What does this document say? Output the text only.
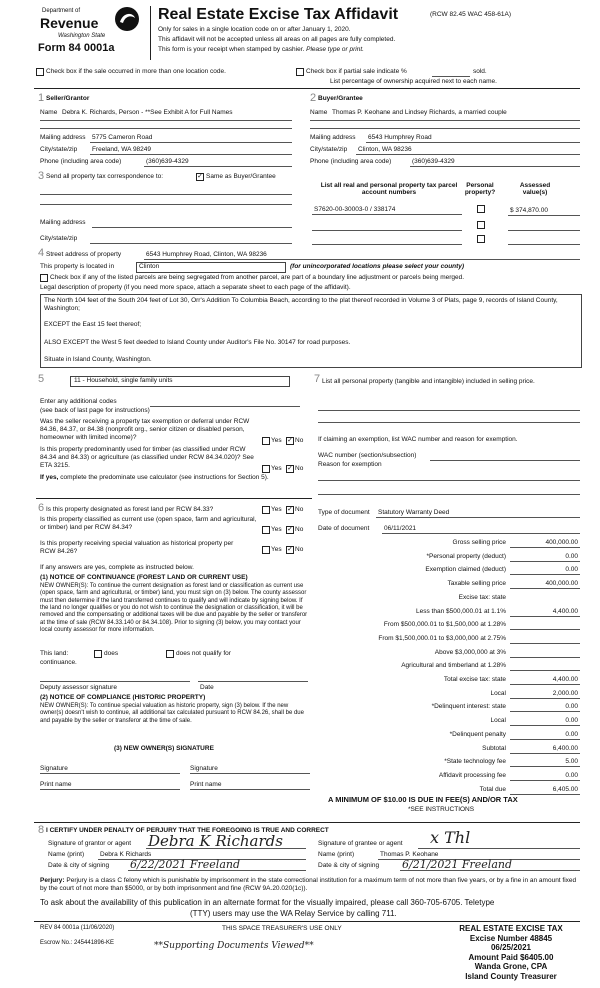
Department of
Revenue
Washington State
Form 84 0001a
Real Estate Excise Tax Affidavit	(RCW 82.45 WAC 458-61A)
Only for sales in a single location code on or after January 1, 2020.
This affidavit will not be accepted unless all areas on all pages are fully completed.
This form is your receipt when stamped by cashier. Please type or print.
Check box if the sale occurred in more than one location code.	Check box if partial sale indicate %	sold.
List percentage of ownership acquired next to each name.
1 Seller/Grantor
Name Debra K. Richards, Person - **See Exhibit A for Full Names
Mailing address 5775 Cameron Road
City/state/zip Freeland, WA 98249
Phone (including area code)	(360)639-4329
2 Buyer/Grantee
Name Thomas P. Keohane and Lindsey Richards, a married couple
Mailing address 6543 Humphrey Road
City/state/zip Clinton, WA 98236
Phone (including area code)	(360)639-4329
3 Send all property tax correspondence to:	✓ Same as Buyer/Grantee
Mailing address
City/state/zip
List all real and personal property tax parcel account numbers
Personal property?
Assessed value(s)
S7620-00-30003-0 / 338174	$ 374,870.00
4 Street address of property	6543 Humphrey Road, Clinton, WA 98236
This property is located in	Clinton	(for unincorporated locations please select your county)
Check box if any of the listed parcels are being segregated from another parcel, are part of a boundary line adjustment or parcels being merged.
Legal description of property (if you need more space, attach a separate sheet to each page of the affidavit).
The North 104 feet of the South 204 feet of Lot 30, Orr's Addition To Columbia Beach, according to the plat thereof recorded in Volume 3 of Plats, page 9, records of Island County, Washington;
EXCEPT the East 15 feet thereof;
ALSO EXCEPT the West 5 feet deeded to Island County under Auditor's File No. 30147 for road purposes.
Situate in Island County, Washington.
5	11 - Household, single family units
Enter any additional codes
(see back of last page for instructions)
Was the seller receiving a property tax exemption or deferral under RCW 84.36, 84.37, or 84.38 (nonprofit org., senior citizen or disabled person, homeowner with limited income)?	Yes ✓ No
Is this property predominantly used for timber (as classified under RCW 84.34 and 84.33) or agriculture (as classified under RCW 84.34.020)? See ETA 3215.	Yes ✓ No
If yes, complete the predominate use calculator (see instructions for Section 5).
7 List all personal property (tangible and intangible) included in selling price.
If claiming an exemption, list WAC number and reason for exemption.
WAC number (section/subsection)
Reason for exemption
6 Is this property designated as forest land per RCW 84.33?	Yes ✓ No
Is this property classified as current use (open space, farm and agricultural, or timber) land per RCW 84.34?	Yes ✓ No
Is this property receiving special valuation as historical property per RCW 84.26?	Yes ✓ No
If any answers are yes, complete as instructed below.
(1) NOTICE OF CONTINUANCE (FOREST LAND OR CURRENT USE)
NEW OWNER(S): To continue the current designation as forest land or classification as current use (open space, farm and agricultural, or timber) land, you must sign on (3) below. The county assessor must then determine if the land transferred continues to qualify and will indicate by signing below. If the land no longer qualifies or you do not wish to continue the designation or classification, it will be removed and the compensating or additional taxes will be due and payable by the seller or transferor at the time of sale (RCW 84.33.140 or 84.34.108). Prior to signing (3) below, you may contact your local county assessor for more information.
This land:	does	does not qualify for
continuance.
Deputy assessor signature	Date
(2) NOTICE OF COMPLIANCE (HISTORIC PROPERTY)
NEW OWNER(S): To continue special valuation as historic property, sign (3) below. If the new owner(s) doesn't wish to continue, all additional tax calculated pursuant to RCW 84.26, shall be due and payable by the seller or transferor at the time of sale.
(3) NEW OWNER(S) SIGNATURE
Signature	Signature
Print name	Print name
Type of document Statutory Warranty Deed
Date of document 06/11/2021
Gross selling price	400,000.00
*Personal property (deduct)	0.00
Exemption claimed (deduct)	0.00
Taxable selling price	400,000.00
Excise tax: state
Less than $500,000.01 at 1.1%	4,400.00
From $500,000.01 to $1,500,000 at 1.28%
From $1,500,000.01 to $3,000,000 at 2.75%
Above $3,000,000 at 3%
Agricultural and timberland at 1.28%
Total excise tax: state	4,400.00
Local	2,000.00
*Delinquent interest: state	0.00
Local	0.00
*Delinquent penalty	0.00
Subtotal	6,400.00
*State technology fee	5.00
Affidavit processing fee	0.00
Total due	6,405.00
A MINIMUM OF $10.00 IS DUE IN FEE(S) AND/OR TAX
*SEE INSTRUCTIONS
8 I CERTIFY UNDER PENALTY OF PERJURY THAT THE FOREGOING IS TRUE AND CORRECT
Signature of grantor or agent Debra K Richards
Name (print) Debra K Richards
Date & city of signing 6/22/2021 Freeland
Signature of grantee or agent x Thl
Name (print)	Thomas P. Keohane
Date & city of signing 6/21/2021 Freeland
Perjury: Perjury is a class C felony which is punishable by imprisonment in the state correctional institution for a maximum term of not more than five years, or by a fine in an amount fixed by the court of not more than $5000, or by both imprisonment and fine (RCW 9A.20.020(1c)).
To ask about the availability of this publication in an alternate format for the visually impaired, please call 360-705-6705. Teletype
(TTY) users may use the WA Relay Service by calling 711.
REV 84 0001a (11/06/2020)	THIS SPACE TREASURER'S USE ONLY
Escrow No.: 245441896-KE	**Supporting Documents Viewed**
REAL ESTATE EXCISE TAX
Excise Number 48845
06/25/2021
Amount Paid $6405.00
Wanda Grone, CPA
Island County Treasurer
